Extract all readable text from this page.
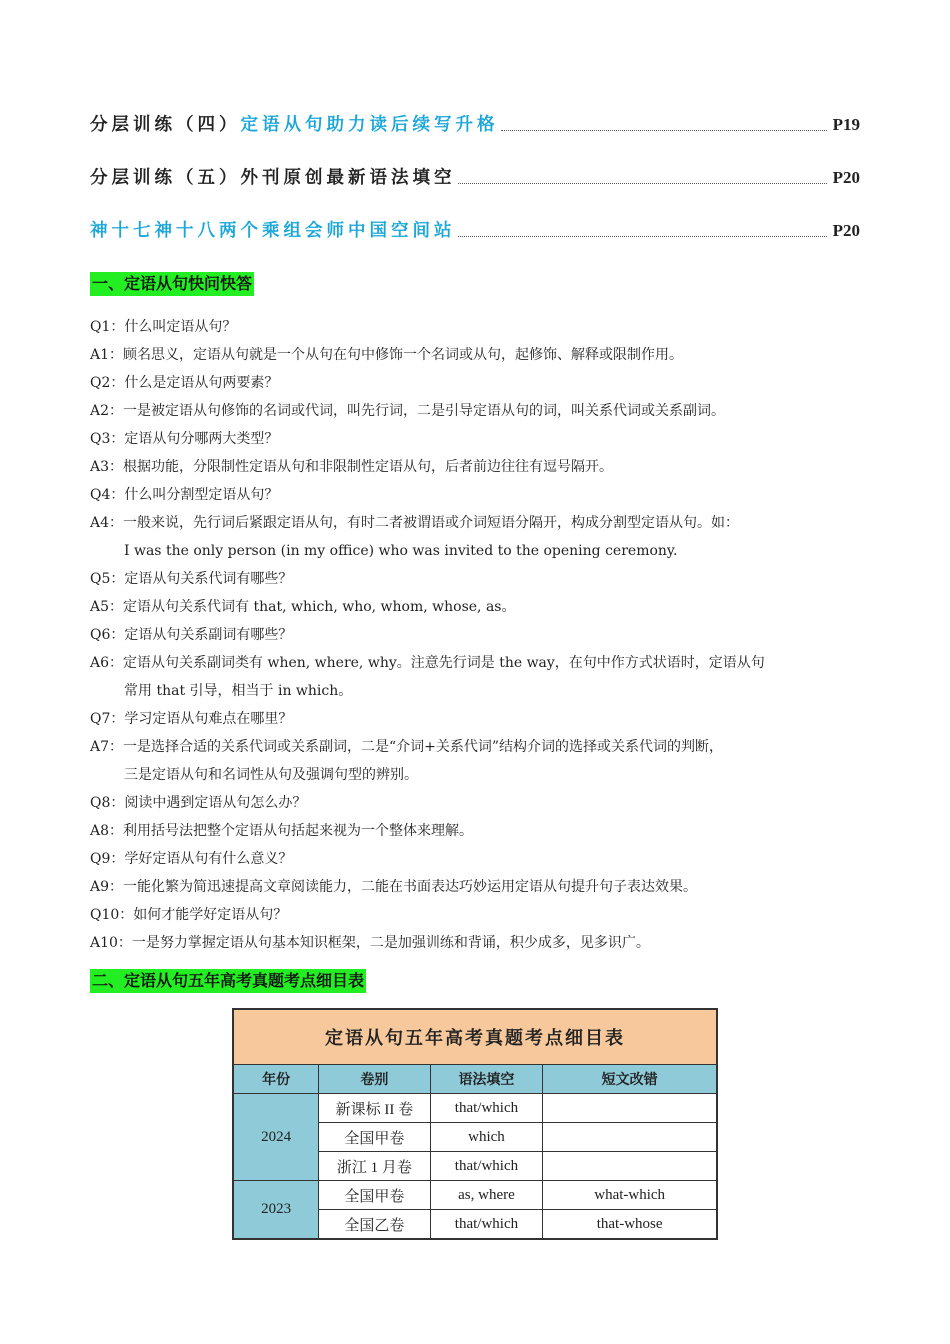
分层训练（四）定语从句助力读后续写升格	P19
分层训练（五）外刊原创最新语法填空	P20
神十七神十八两个乘组会师中国空间站	P20
一、定语从句快问快答
Q1：什么叫定语从句？
A1：顾名思义，定语从句就是一个从句在句中修饰一个名词或从句，起修饰、解释或限制作用。
Q2：什么是定语从句两要素？
A2：一是被定语从句修饰的名词或代词，叫先行词，二是引导定语从句的词，叫关系代词或关系副词。
Q3：定语从句分哪两大类型？
A3：根据功能，分限制性定语从句和非限制性定语从句，后者前边往往有逗号隔开。
Q4：什么叫分割型定语从句？
A4：一般来说，先行词后紧跟定语从句，有时二者被谓语或介词短语分隔开，构成分割型定语从句。如：
I was the only person (in my office) who was invited to the opening ceremony.
Q5：定语从句关系代词有哪些？
A5：定语从句关系代词有 that, which, who, whom, whose, as。
Q6：定语从句关系副词有哪些？
A6：定语从句关系副词类有 when, where, why。注意先行词是 the way，在句中作方式状语时，定语从句
常用 that 引导，相当于 in which。
Q7：学习定语从句难点在哪里？
A7：一是选择合适的关系代词或关系副词，二是“介词+关系代词”结构介词的选择或关系代词的判断，
三是定语从句和名词性从句及强调句型的辨别。
Q8：阅读中遇到定语从句怎么办？
A8：利用括号法把整个定语从句括起来视为一个整体来理解。
Q9：学好定语从句有什么意义？
A9：一能化繁为简迅速提高文章阅读能力，二能在书面表达巧妙运用定语从句提升句子表达效果。
Q10：如何才能学好定语从句？
A10：一是努力掌握定语从句基本知识框架，二是加强训练和背诵，积少成多，见多识广。
二、定语从句五年高考真题考点细目表
定语从句五年高考真题考点细目表			
年份	卷别	语法填空	短文改错
2024	新课标 II 卷	that/which	
	全国甲卷	which	
	浙江 1 月卷	that/which	
2023	全国甲卷	as, where	what-which
	全国乙卷	that/which	that-whose
